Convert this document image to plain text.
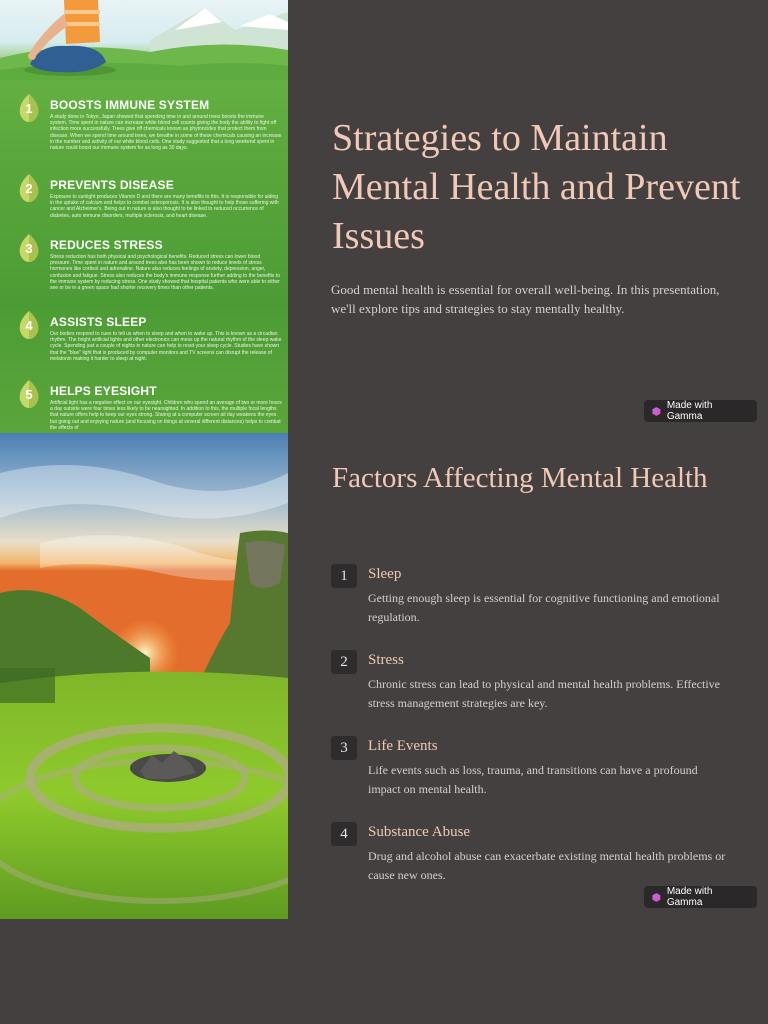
1 BOOSTS IMMUNE SYSTEM
A study done in Tokyo, Japan showed that spending time in and around trees boosts the immune system. Time spent in nature can increase white blood cell counts giving the body the ability to fight off infection more successfully. Trees give off chemicals known as phytoncides that protect them from disease. When we spend time around trees, we breathe in some of these chemicals causing an increase in the number and activity of our white blood cells. One study suggested that a long weekend spent in nature could boost our immune system for as long as 30 days.
2 PREVENTS DISEASE
Exposure to sunlight produces Vitamin D and there are many benefits to this. It is responsible for aiding in the uptake of calcium and helps to combat osteoporosis. It is also thought to help those suffering with cancer and Alzheimer's. Being out in nature is also thought to be linked to reduced occurrence of diabetes, auto immune disorders, multiple sclerosis, and heart disease.
3 REDUCES STRESS
Stress reduction has both physical and psychological benefits. Reduced stress can lower blood pressure. Time spent in nature and around trees also has been shown to reduce levels of stress hormones like cortisol and adrenaline. Nature also reduces feelings of anxiety, depression, anger, confusion and fatigue. Stress also reduces the body's immune response further adding to the benefits to the immune system by reducing stress. One study showed that hospital patients who were able to either see or be in a green space had shorter recovery times than other patients.
4 ASSISTS SLEEP
Our bodies respond to cues to tell us when to sleep and when to wake up. This is known as a circadian rhythm. The bright artificial lights and other electronics can mess up the natural rhythm of the sleep wake cycle. Spending just a couple of nights in nature can help to reset your sleep cycle. Studies have shown that the "blue" light that is produced by computer monitors and TV screens can disrupt the release of melatonin making it harder to sleep at night.
5 HELPS EYESIGHT
Artificial light has a negative effect on our eyesight. Children who spend an average of two or more hours a day outside were four times less likely to be nearsighted. In addition to this, the multiple focal lengths that nature offers help to keep our eyes strong. Staring at a computer screen all day weakens the eyes but going out and enjoying nature (and focusing on things at several different distances) helps to combat the effects of
Strategies to Maintain Mental Health and Prevent Issues

Good mental health is essential for overall well-being. In this presentation, we'll explore tips and strategies to stay mentally healthy.

Made with Gamma
Factors Affecting Mental Health
1	Sleep

Getting enough sleep is essential for cognitive functioning and emotional regulation.

2	Stress

Chronic stress can lead to physical and mental health problems. Effective stress management strategies are key.

3	Life Events

Life events such as loss, trauma, and transitions can have a profound impact on mental health.

4	Substance Abuse

Drug and alcohol abuse can exacerbate existing mental health problems or cause new ones.

Made with Gamma
